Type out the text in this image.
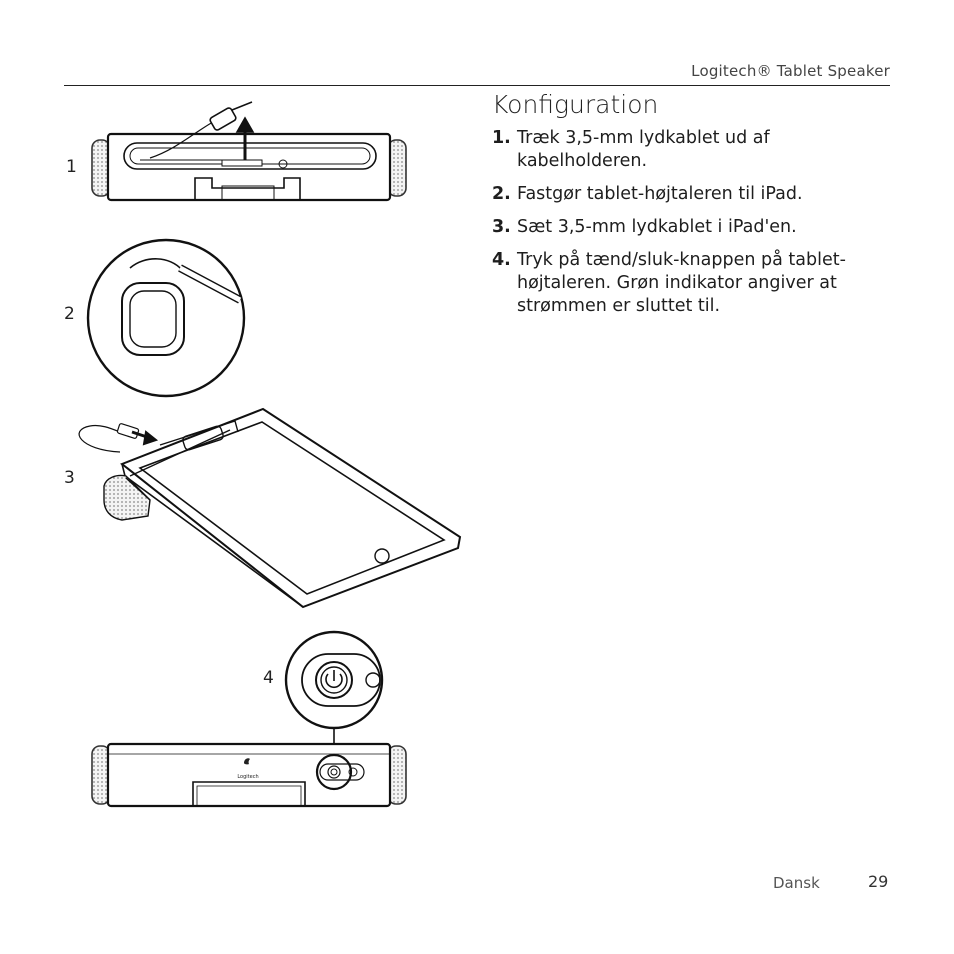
Logitech® Tablet Speaker
Konfiguration
1. Træk 3,5-mm lydkablet ud af kabelholderen.
2. Fastgør tablet-højtaleren til iPad.
3. Sæt 3,5-mm lydkablet i iPad'en.
4. Tryk på tænd/sluk-knappen på tablet-højtaleren. Grøn indikator angiver at strømmen er sluttet til.
1
2
3
4
Logitech
Dansk	29
